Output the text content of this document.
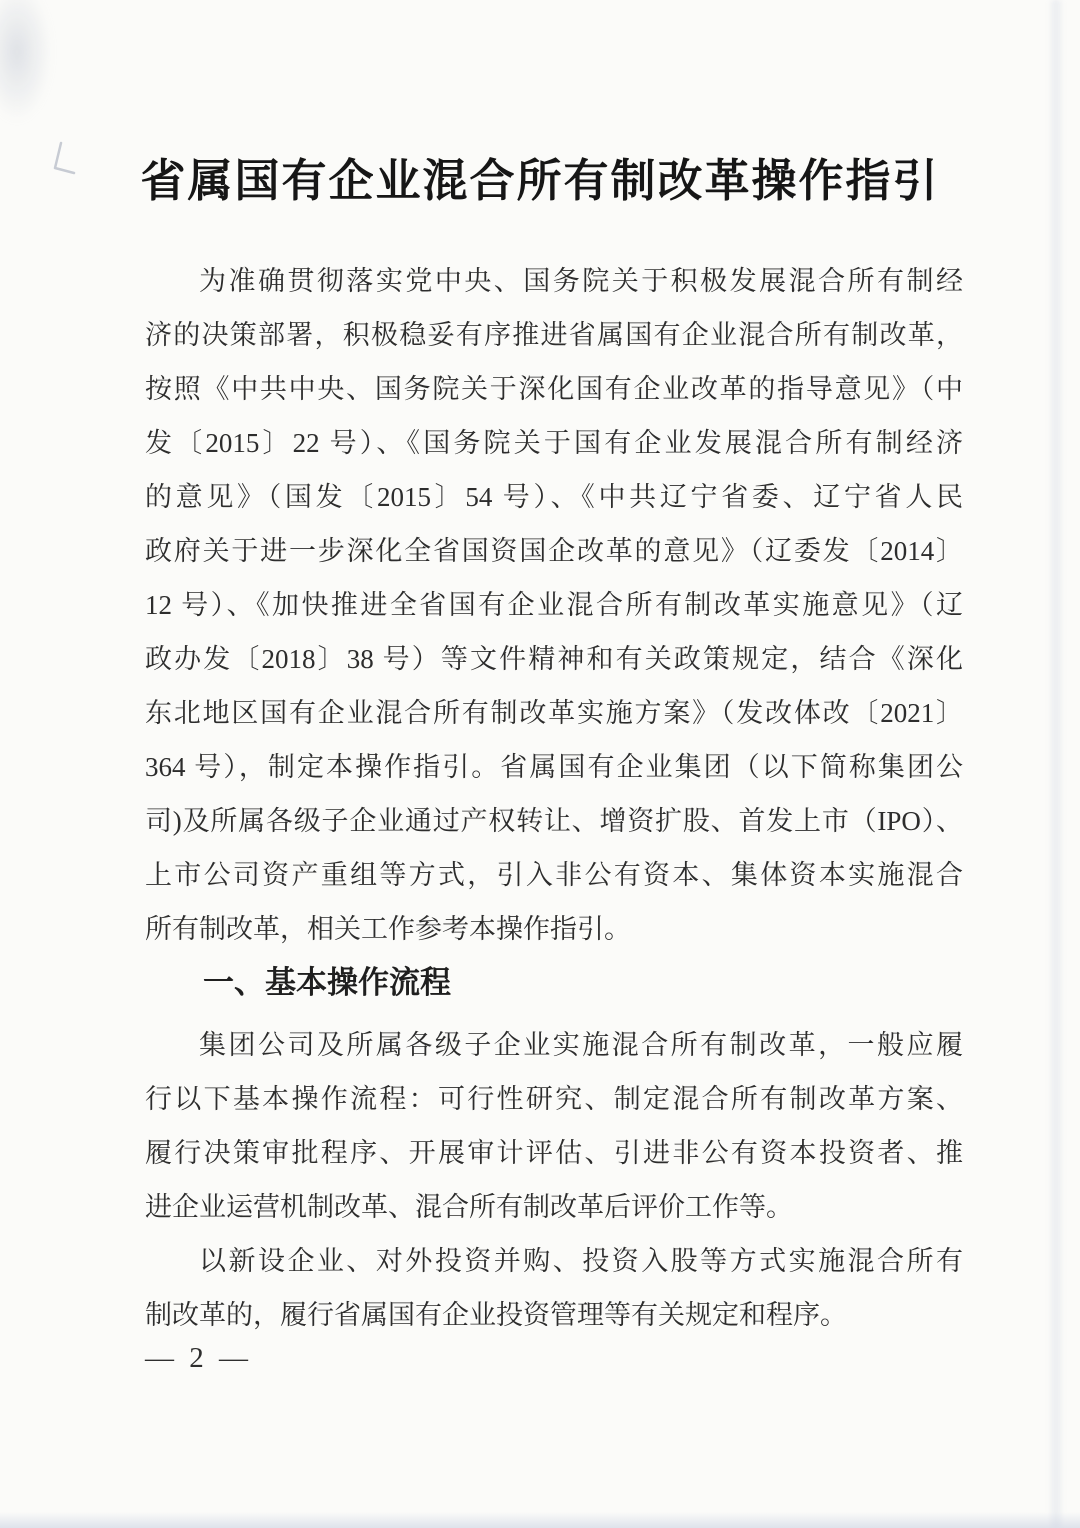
省属国有企业混合所有制改革操作指引
为准确贯彻落实党中央、国务院关于积极发展混合所有制经
济的决策部署，积极稳妥有序推进省属国有企业混合所有制改革，
按照《中共中央、国务院关于深化国有企业改革的指导意见》（中
发〔2015〕22 号）、《国务院关于国有企业发展混合所有制经济
的意见》（国发〔2015〕54 号）、《中共辽宁省委、辽宁省人民
政府关于进一步深化全省国资国企改革的意见》（辽委发〔2014〕
12 号）、《加快推进全省国有企业混合所有制改革实施意见》（辽
政办发〔2018〕38 号）等文件精神和有关政策规定，结合《深化
东北地区国有企业混合所有制改革实施方案》（发改体改〔2021〕
364 号），制定本操作指引。省属国有企业集团（以下简称集团公
司)及所属各级子企业通过产权转让、增资扩股、首发上市（IPO）、
上市公司资产重组等方式，引入非公有资本、集体资本实施混合
所有制改革，相关工作参考本操作指引。
一、基本操作流程
集团公司及所属各级子企业实施混合所有制改革，一般应履
行以下基本操作流程：可行性研究、制定混合所有制改革方案、
履行决策审批程序、开展审计评估、引进非公有资本投资者、推
进企业运营机制改革、混合所有制改革后评价工作等。
以新设企业、对外投资并购、投资入股等方式实施混合所有
制改革的，履行省属国有企业投资管理等有关规定和程序。
— 2 —
